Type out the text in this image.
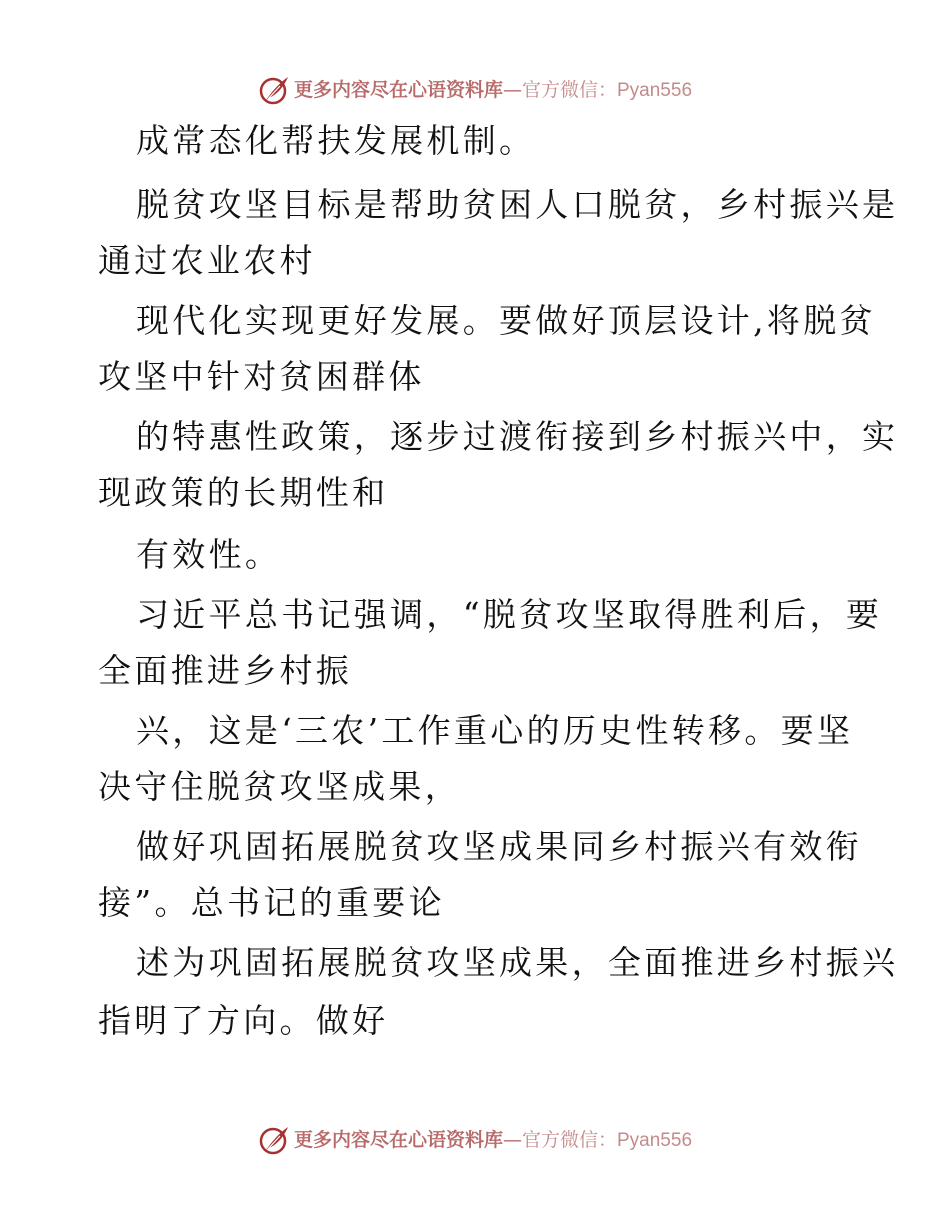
更多内容尽在心语资料库 — 官方微信： Pyan556
成常态化帮扶发展机制。
脱贫攻坚目标是帮助贫困人口脱贫，乡村振兴是
通过农业农村
现代化实现更好发展。要做好顶层设计,将脱贫
攻坚中针对贫困群体
的特惠性政策，逐步过渡衔接到乡村振兴中，实
现政策的长期性和
有效性。
习近平总书记强调，“脱贫攻坚取得胜利后，要
全面推进乡村振
兴，这是‘三农’工作重心的历史性转移。要坚
决守住脱贫攻坚成果，
做好巩固拓展脱贫攻坚成果同乡村振兴有效衔
接”。总书记的重要论
述为巩固拓展脱贫攻坚成果，全面推进乡村振兴
指明了方向。做好
更多内容尽在心语资料库 — 官方微信： Pyan556
